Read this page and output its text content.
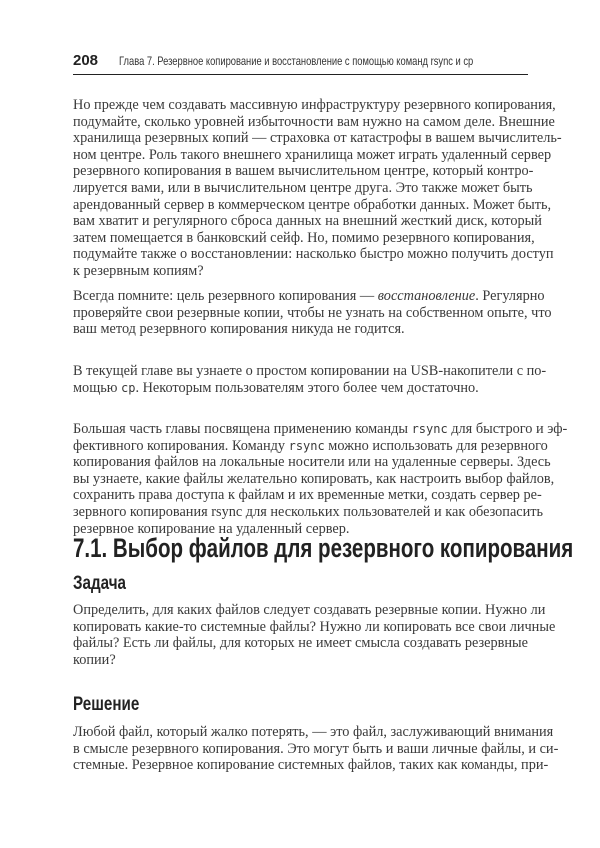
208 Глава 7. Резервное копирование и восстановление с помощью команд rsync и cp
Но прежде чем создавать массивную инфраструктуру резервного копирования,
подумайте, сколько уровней избыточности вам нужно на самом деле. Внешние
хранилища резервных копий — страховка от катастрофы в вашем вычислитель-
ном центре. Роль такого внешнего хранилища может играть удаленный сервер
резервного копирования в вашем вычислительном центре, который контро-
лируется вами, или в вычислительном центре друга. Это также может быть
арендованный сервер в коммерческом центре обработки данных. Может быть,
вам хватит и регулярного сброса данных на внешний жесткий диск, который
затем помещается в банковский сейф. Но, помимо резервного копирования,
подумайте также о восстановлении: насколько быстро можно получить доступ
к резервным копиям?
Всегда помните: цель резервного копирования — восстановление. Регулярно
проверяйте свои резервные копии, чтобы не узнать на собственном опыте, что
ваш метод резервного копирования никуда не годится.
В текущей главе вы узнаете о простом копировании на USB-накопители с по-
мощью cp. Некоторым пользователям этого более чем достаточно.
Большая часть главы посвящена применению команды rsync для быстрого и эф-
фективного копирования. Команду rsync можно использовать для резервного
копирования файлов на локальные носители или на удаленные серверы. Здесь
вы узнаете, какие файлы желательно копировать, как настроить выбор файлов,
сохранить права доступа к файлам и их временные метки, создать сервер ре-
зервного копирования rsync для нескольких пользователей и как обезопасить
резервное копирование на удаленный сервер.
7.1. Выбор файлов для резервного копирования
Задача
Определить, для каких файлов следует создавать резервные копии. Нужно ли
копировать какие-то системные файлы? Нужно ли копировать все свои личные
файлы? Есть ли файлы, для которых не имеет смысла создавать резервные
копии?
Решение
Любой файл, который жалко потерять, — это файл, заслуживающий внимания
в смысле резервного копирования. Это могут быть и ваши личные файлы, и си-
стемные. Резервное копирование системных файлов, таких как команды, при-
